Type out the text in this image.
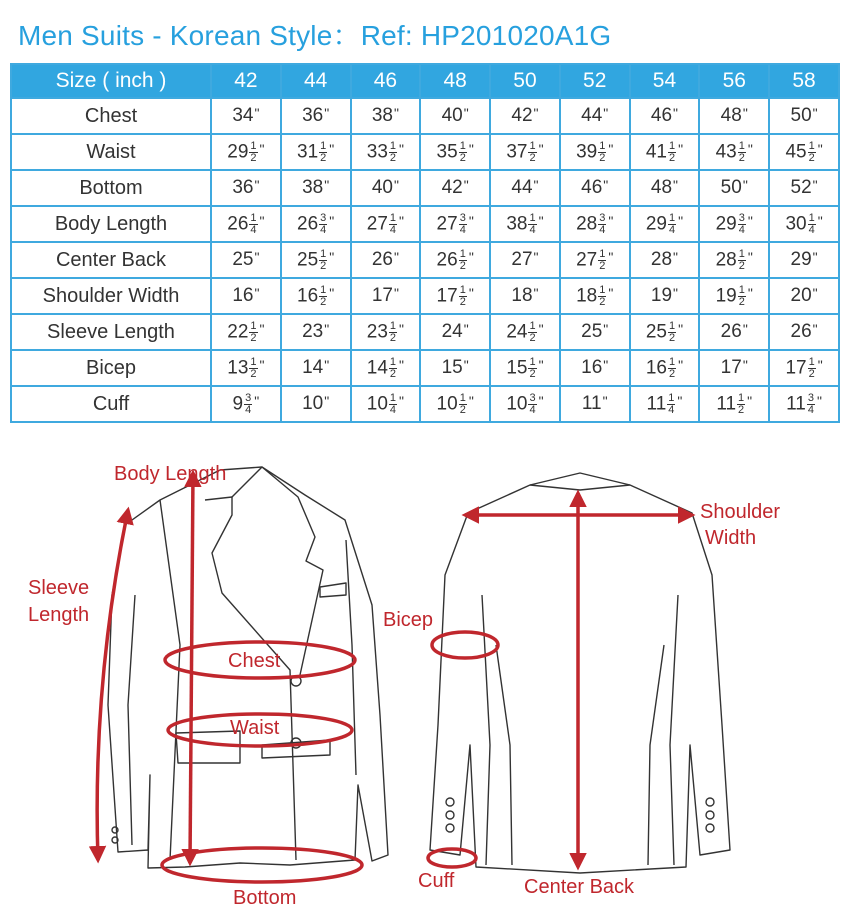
Men Suits - Korean Style：Ref: HP201020A1G
Size ( inch )	42	44	46	48	50	52	54	56	58
Chest	34"	36"	38"	40"	42"	44"	46"	48"	50"
Waist	$29 \frac{1}{2} ^"$	$31 \frac{1}{2} ^"$	$33 \frac{1}{2} ^"$	$35 \frac{1}{2} ^"$	$37 \frac{1}{2} ^"$	$39 \frac{1}{2} ^"$	$41 \frac{1}{2} ^"$	$43 \frac{1}{2} ^"$	$45 \frac{1}{2} ^"$
Bottom	36"	38"	40"	42"	44"	46"	48"	50"	52"
Body Length	$26 \frac{1}{4} ^"$	$26 \frac{3}{4} ^"$	$27 \frac{1}{4} ^"$	$27 \frac{3}{4} ^"$	$38 \frac{1}{4} ^"$	$28 \frac{3}{4} ^"$	$29 \frac{1}{4} ^"$	$29 \frac{3}{4} ^"$	$30 \frac{1}{4} ^"$
Center Back	25"	$25 \frac{1}{2} ^"$	26"	$26 \frac{1}{2} ^"$	27"	$27 \frac{1}{2} ^"$	28"	$28 \frac{1}{2} ^"$	29"
Shoulder Width	16"	$16 \frac{1}{2} ^"$	17"	$17 \frac{1}{2} ^"$	18"	$18 \frac{1}{2} ^"$	19"	$19 \frac{1}{2} ^"$	20"
Sleeve Length	$22 \frac{1}{2} ^"$	23"	$23 \frac{1}{2} ^"$	24"	$24 \frac{1}{2} ^"$	25"	$25 \frac{1}{2} ^"$	26"	26"
Bicep	$13 \frac{1}{2} ^"$	14"	$14 \frac{1}{2} ^"$	15"	$15 \frac{1}{2} ^"$	16"	$16 \frac{1}{2} ^"$	17"	$17 \frac{1}{2} ^"$
Cuff	$9 \frac{3}{4} ^"$	10"	$10 \frac{1}{4} ^"$	$10 \frac{1}{2} ^"$	$10 \frac{3}{4} ^"$	11"	$11 \frac{1}{4} ^"$	$11 \frac{1}{2} ^"$	$11 \frac{3}{4} ^"$
Body Length
Sleeve
Length
Chest
Waist
Bottom
Shoulder
Width
Bicep
Cuff	Center Back
